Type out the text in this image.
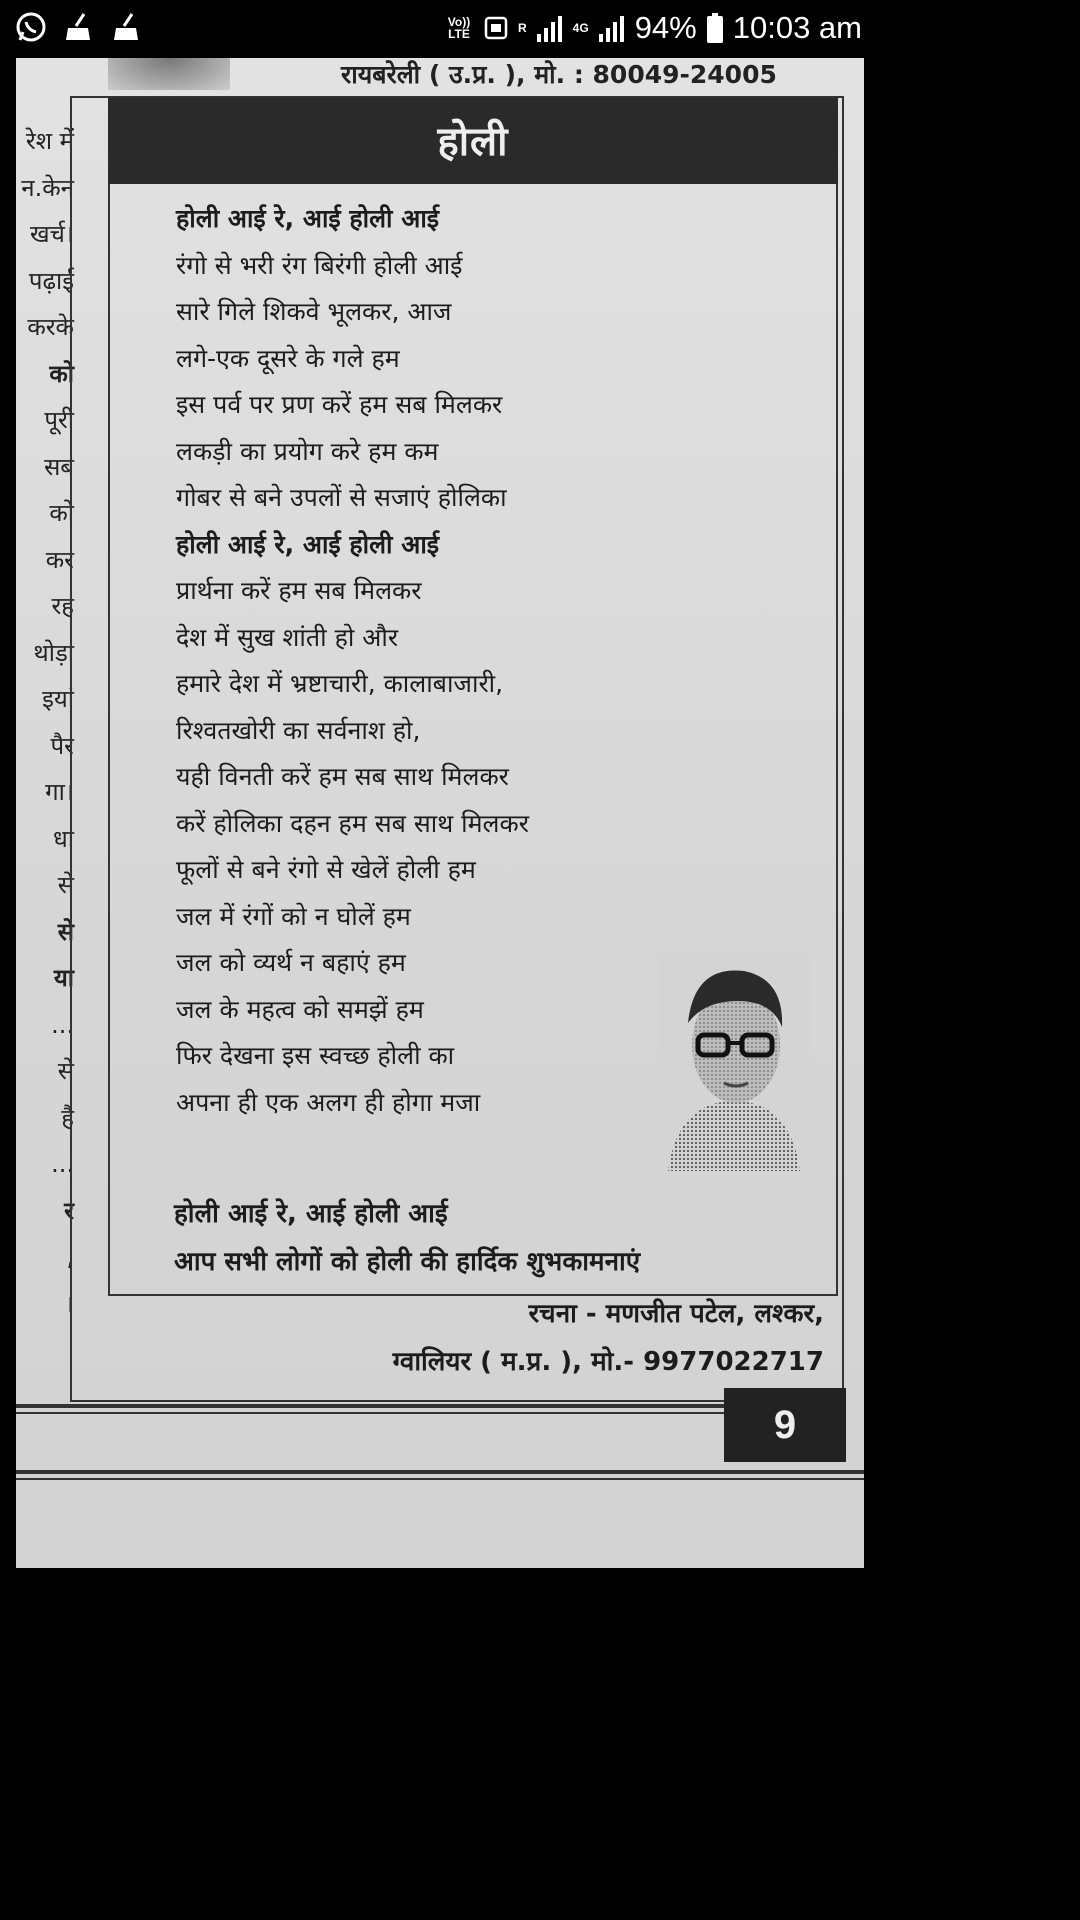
Vo)) LTE	R	4G 94% 10:03 am
रेश में
न.केन
खर्च।
पढ़ाई
करके
को
पूरी
सब
को
कर
रह
थोड़ा
इयां
पैर
गा।
धा
से
से
या
...
से
है
...
र
,
।
रायबरेली ( उ.प्र. ), मो. : 80049-24005
होली
होली आई रे, आई होली आई
रंगो से भरी रंग बिरंगी होली आई
सारे गिले शिकवे भूलकर, आज
लगे-एक दूसरे के गले हम
इस पर्व पर प्रण करें हम सब मिलकर
लकड़ी का प्रयोग करे हम कम
गोबर से बने उपलों से सजाएं होलिका
होली आई रे, आई होली आई
प्रार्थना करें हम सब मिलकर
देश में सुख शांती हो और
हमारे देश में भ्रष्टाचारी, कालाबाजारी,
रिश्वतखोरी का सर्वनाश हो,
यही विनती करें हम सब साथ मिलकर
करें होलिका दहन हम सब साथ मिलकर
फूलों से बने रंगो से खेलें होली हम
जल में रंगों को न घोलें हम
जल को व्यर्थ न बहाएं हम
जल के महत्व को समझें हम
फिर देखना इस स्वच्छ होली का
अपना ही एक अलग ही होगा मजा
होली आई रे, आई होली आई
आप सभी लोगों को होली की हार्दिक शुभकामनाएं
रचना - मणजीत पटेल, लश्कर,
ग्वालियर ( म.प्र. ), मो.- 9977022717
9
